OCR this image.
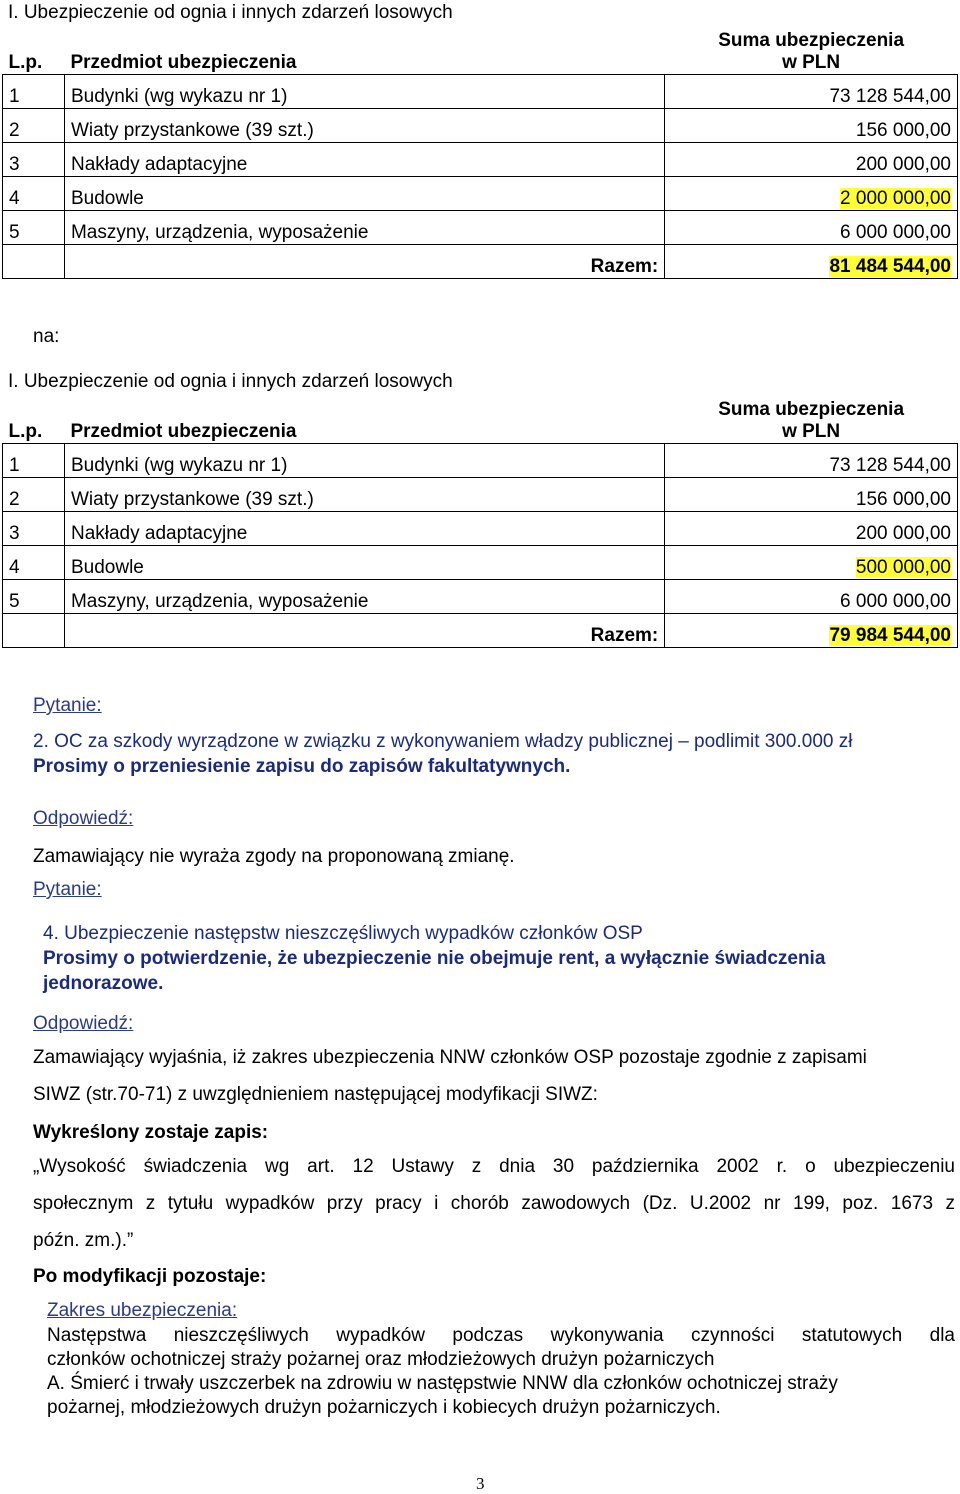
I. Ubezpieczenie od ognia i innych zdarzeń losowych
L.p.	Przedmiot ubezpieczenia	Suma ubezpieczenia
w PLN
1	Budynki (wg wykazu nr 1)	73 128 544,00
2	Wiaty przystankowe (39 szt.)	156 000,00
3	Nakłady adaptacyjne	200 000,00
4	Budowle	2 000 000,00
5	Maszyny, urządzenia, wyposażenie	6 000 000,00
	Razem:	81 484 544,00
na:
I. Ubezpieczenie od ognia i innych zdarzeń losowych
L.p.	Przedmiot ubezpieczenia	Suma ubezpieczenia
w PLN
1	Budynki (wg wykazu nr 1)	73 128 544,00
2	Wiaty przystankowe (39 szt.)	156 000,00
3	Nakłady adaptacyjne	200 000,00
4	Budowle	500 000,00
5	Maszyny, urządzenia, wyposażenie	6 000 000,00
	Razem:	79 984 544,00
Pytanie:
2. OC za szkody wyrządzone w związku z wykonywaniem władzy publicznej – podlimit 300.000 zł
Prosimy o przeniesienie zapisu do zapisów fakultatywnych.
Odpowiedź:
Zamawiający nie wyraża zgody na proponowaną zmianę.
Pytanie:
4. Ubezpieczenie następstw nieszczęśliwych wypadków członków OSP
Prosimy o potwierdzenie, że ubezpieczenie nie obejmuje rent, a wyłącznie świadczenia
jednorazowe.
Odpowiedź:
Zamawiający wyjaśnia, iż zakres ubezpieczenia NNW członków OSP pozostaje zgodnie z zapisami
SIWZ (str.70-71) z uwzględnieniem następującej modyfikacji SIWZ:
Wykreślony zostaje zapis:
„Wysokość świadczenia wg art. 12 Ustawy z dnia 30 października 2002 r. o ubezpieczeniu
społecznym z tytułu wypadków przy pracy i chorób zawodowych (Dz. U.2002 nr 199, poz. 1673 z
późn. zm.).”
Po modyfikacji pozostaje:
Zakres ubezpieczenia:
Następstwa nieszczęśliwych wypadków podczas wykonywania czynności statutowych dla
członków ochotniczej straży pożarnej oraz młodzieżowych drużyn pożarniczych
A. Śmierć i trwały uszczerbek na zdrowiu w następstwie NNW dla członków ochotniczej straży
pożarnej, młodzieżowych drużyn pożarniczych i kobiecych drużyn pożarniczych.
3
